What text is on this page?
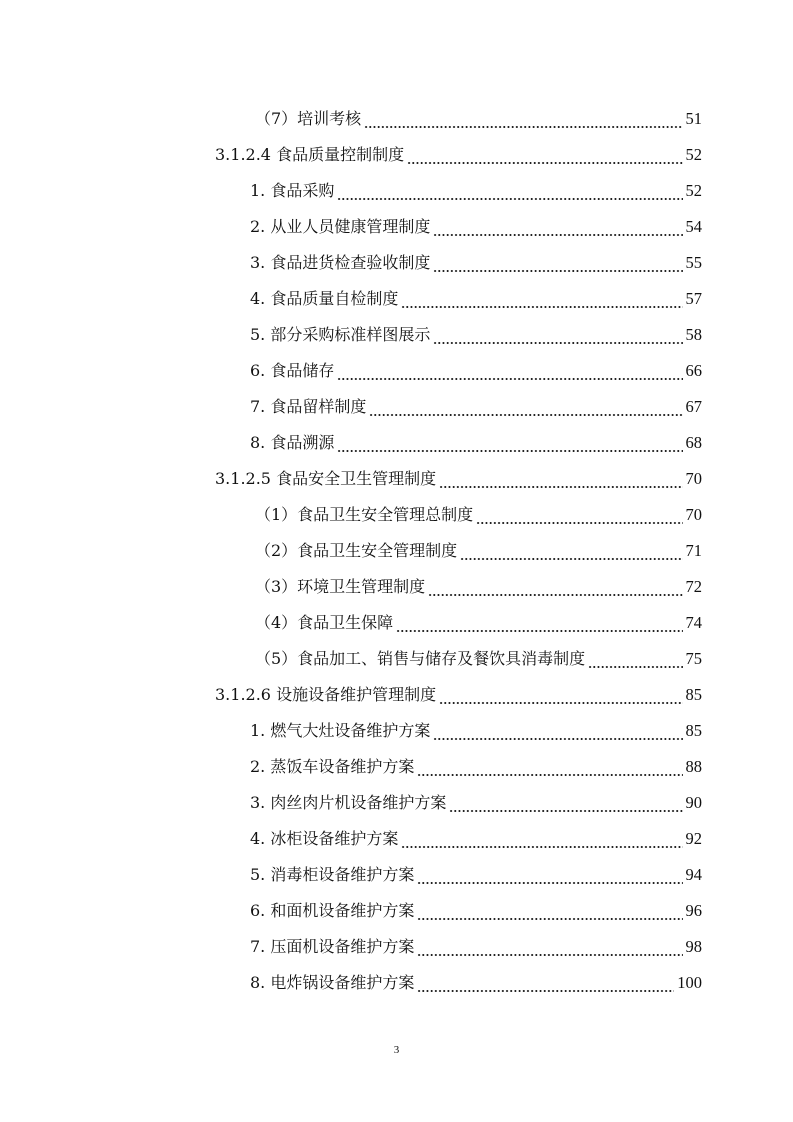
（7）培训考核	51
3.1.2.4 食品质量控制制度	52
1. 食品采购	52
2. 从业人员健康管理制度	54
3. 食品进货检查验收制度	55
4. 食品质量自检制度	57
5. 部分采购标准样图展示	58
6. 食品储存	66
7. 食品留样制度	67
8. 食品溯源	68
3.1.2.5 食品安全卫生管理制度	70
（1）食品卫生安全管理总制度	70
（2）食品卫生安全管理制度	71
（3）环境卫生管理制度	72
（4）食品卫生保障	74
（5）食品加工、销售与储存及餐饮具消毒制度	75
3.1.2.6 设施设备维护管理制度	85
1. 燃气大灶设备维护方案	85
2. 蒸饭车设备维护方案	88
3. 肉丝肉片机设备维护方案	90
4. 冰柜设备维护方案	92
5. 消毒柜设备维护方案	94
6. 和面机设备维护方案	96
7. 压面机设备维护方案	98
8. 电炸锅设备维护方案	100
3
